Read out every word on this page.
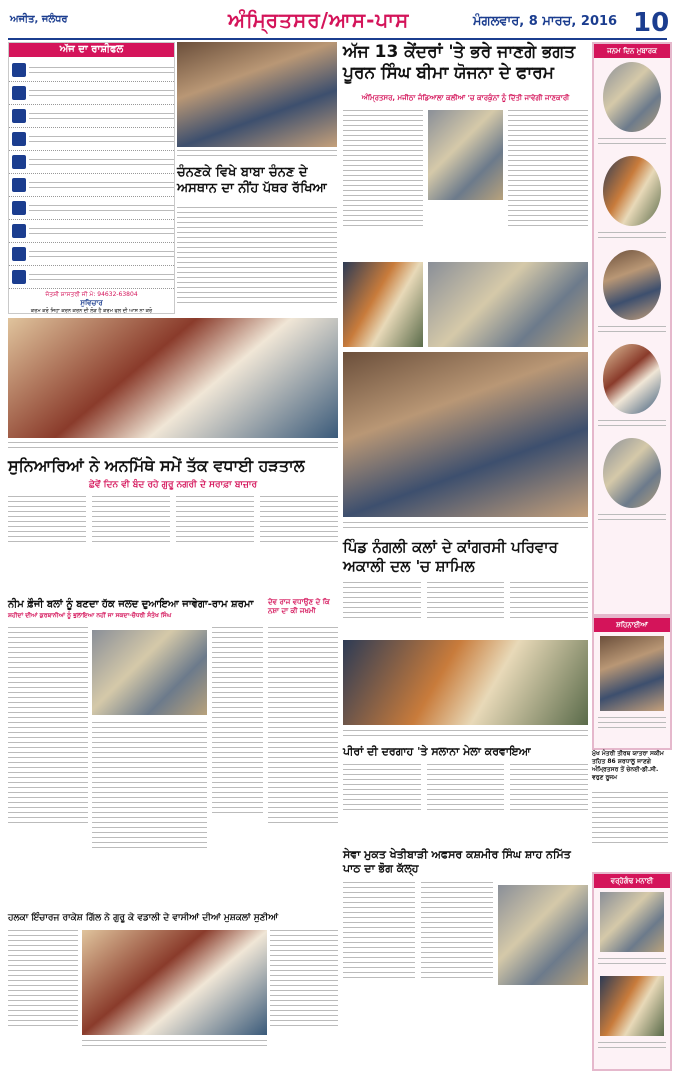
ਅਜੀਤ, ਜਲੰਧਰ	ਅੰਮ੍ਰਿਤਸਰ/ਆਸ-ਪਾਸ	ਮੰਗਲਵਾਰ, 8 ਮਾਰਚ, 2016 10
ਅੱਜ ਦਾ ਰਾਸ਼ੀਫਲ
ਜੋਤਸ਼ੀ ਸ਼ਾਸਤਰੀ ਜੀ ਮੋ: 94632-63804
ਸੁਵਿਚਾਰ
ਕਰਮ ਕਰੋ ਜਿਹਾ ਕਰਨ ਕਰਨ ਦੀ ਲੋੜ ਹੈ ਕਰਮ ਫਲ ਦੀ ਆਸ ਨਾ ਕਰੋ
ਚੰਨਣਕੇ ਵਿਖੇ ਬਾਬਾ ਚੰਨਣ ਦੇ ਅਸਥਾਨ ਦਾ ਨੀਂਹ ਪੱਥਰ ਰੱਖਿਆ
ਅੱਜ 13 ਕੇਂਦਰਾਂ 'ਤੇ ਭਰੇ ਜਾਣਗੇ ਭਗਤ ਪੂਰਨ ਸਿੰਘ ਬੀਮਾ ਯੋਜਨਾ ਦੇ ਫਾਰਮ
ਅੰਮ੍ਰਿਤਸਰ, ਮਜੀਠਾ ਜੰਡਿਆਲਾ ਕਲੀਆਂ 'ਚ ਕਾਰਕੁੰਨਾਂ ਨੂੰ ਦਿੱਤੀ ਜਾਵੇਗੀ ਜਾਣਕਾਰੀ
ਸੁਨਿਆਰਿਆਂ ਨੇ ਅਨਮਿੱਥੇ ਸਮੇਂ ਤੱਕ ਵਧਾਈ ਹੜਤਾਲ
ਛੇਵੇਂ ਦਿਨ ਵੀ ਬੰਦ ਰਹੇ ਗੁਰੂ ਨਗਰੀ ਦੇ ਸਰਾਫ਼ਾ ਬਾਜ਼ਾਰ
ਪਿੰਡ ਨੰਗਲੀ ਕਲਾਂ ਦੇ ਕਾਂਗਰਸੀ ਪਰਿਵਾਰ ਅਕਾਲੀ ਦਲ 'ਚ ਸ਼ਾਮਿਲ
ਨੀਮ ਫ਼ੌਜੀ ਬਲਾਂ ਨੂੰ ਬਣਦਾ ਹੱਕ ਜਲਦ ਦੁਆਇਆ ਜਾਵੇਗਾ-ਰਾਮ ਸ਼ਰਮਾ
ਸ਼ਹੀਦਾਂ ਦੀਆਂ ਕੁਰਬਾਨੀਆਂ ਨੂੰ ਭੁਲਾਇਆ ਨਹੀਂ ਜਾ ਸਕਦਾ-ਚੌਧਰੀ ਸੰਤੋਖ ਸਿੰਘ
ਦੇਵ ਰਾਜ ਵਧਾਉਣ ਦੇ ਕਿ ਨਸ਼ਾ ਦਾ ਕੀ ਜਖਮੀ
ਪੀਰਾਂ ਦੀ ਦਰਗਾਹ 'ਤੇ ਸਲਾਨਾ ਮੇਲਾ ਕਰਵਾਇਆ
ਸੇਵਾ ਮੁਕਤ ਖੇਤੀਬਾੜੀ ਅਫਸਰ ਕਸ਼ਮੀਰ ਸਿੰਘ ਸ਼ਾਹ ਨਮਿੱਤ ਪਾਠ ਦਾ ਭੋਗ ਕੱਲ੍ਹ
ਹਲਕਾ ਇੰਚਾਰਜ ਰਾਕੇਸ਼ ਗਿੱਲ ਨੇ ਗੁਰੂ ਕੇ ਵਡਾਲੀ ਦੇ ਵਾਸੀਆਂ ਦੀਆਂ ਮੁਸ਼ਕਲਾਂ ਸੁਣੀਆਂ
ਜਨਮ ਦਿਨ ਮੁਬਾਰਕ
ਸ਼ਹਿਨਾਈਆਂ
ਮੁੱਖ ਮੰਤਰੀ ਤੀਰਥ ਯਾਤਰਾ ਸਕੀਮ ਤਹਿਤ 86 ਸ਼ਰਧਾਲੂ ਜਾਣਗੇ ਅੰਮ੍ਰਿਤਸਰ ਤੋਂ ਚੇਨਈ-ਡੀ.ਸੀ. ਵਰੁਣ ਰੂਜਮ
ਵਰ੍ਹੇਗੰਢ ਮਨਾਈ
